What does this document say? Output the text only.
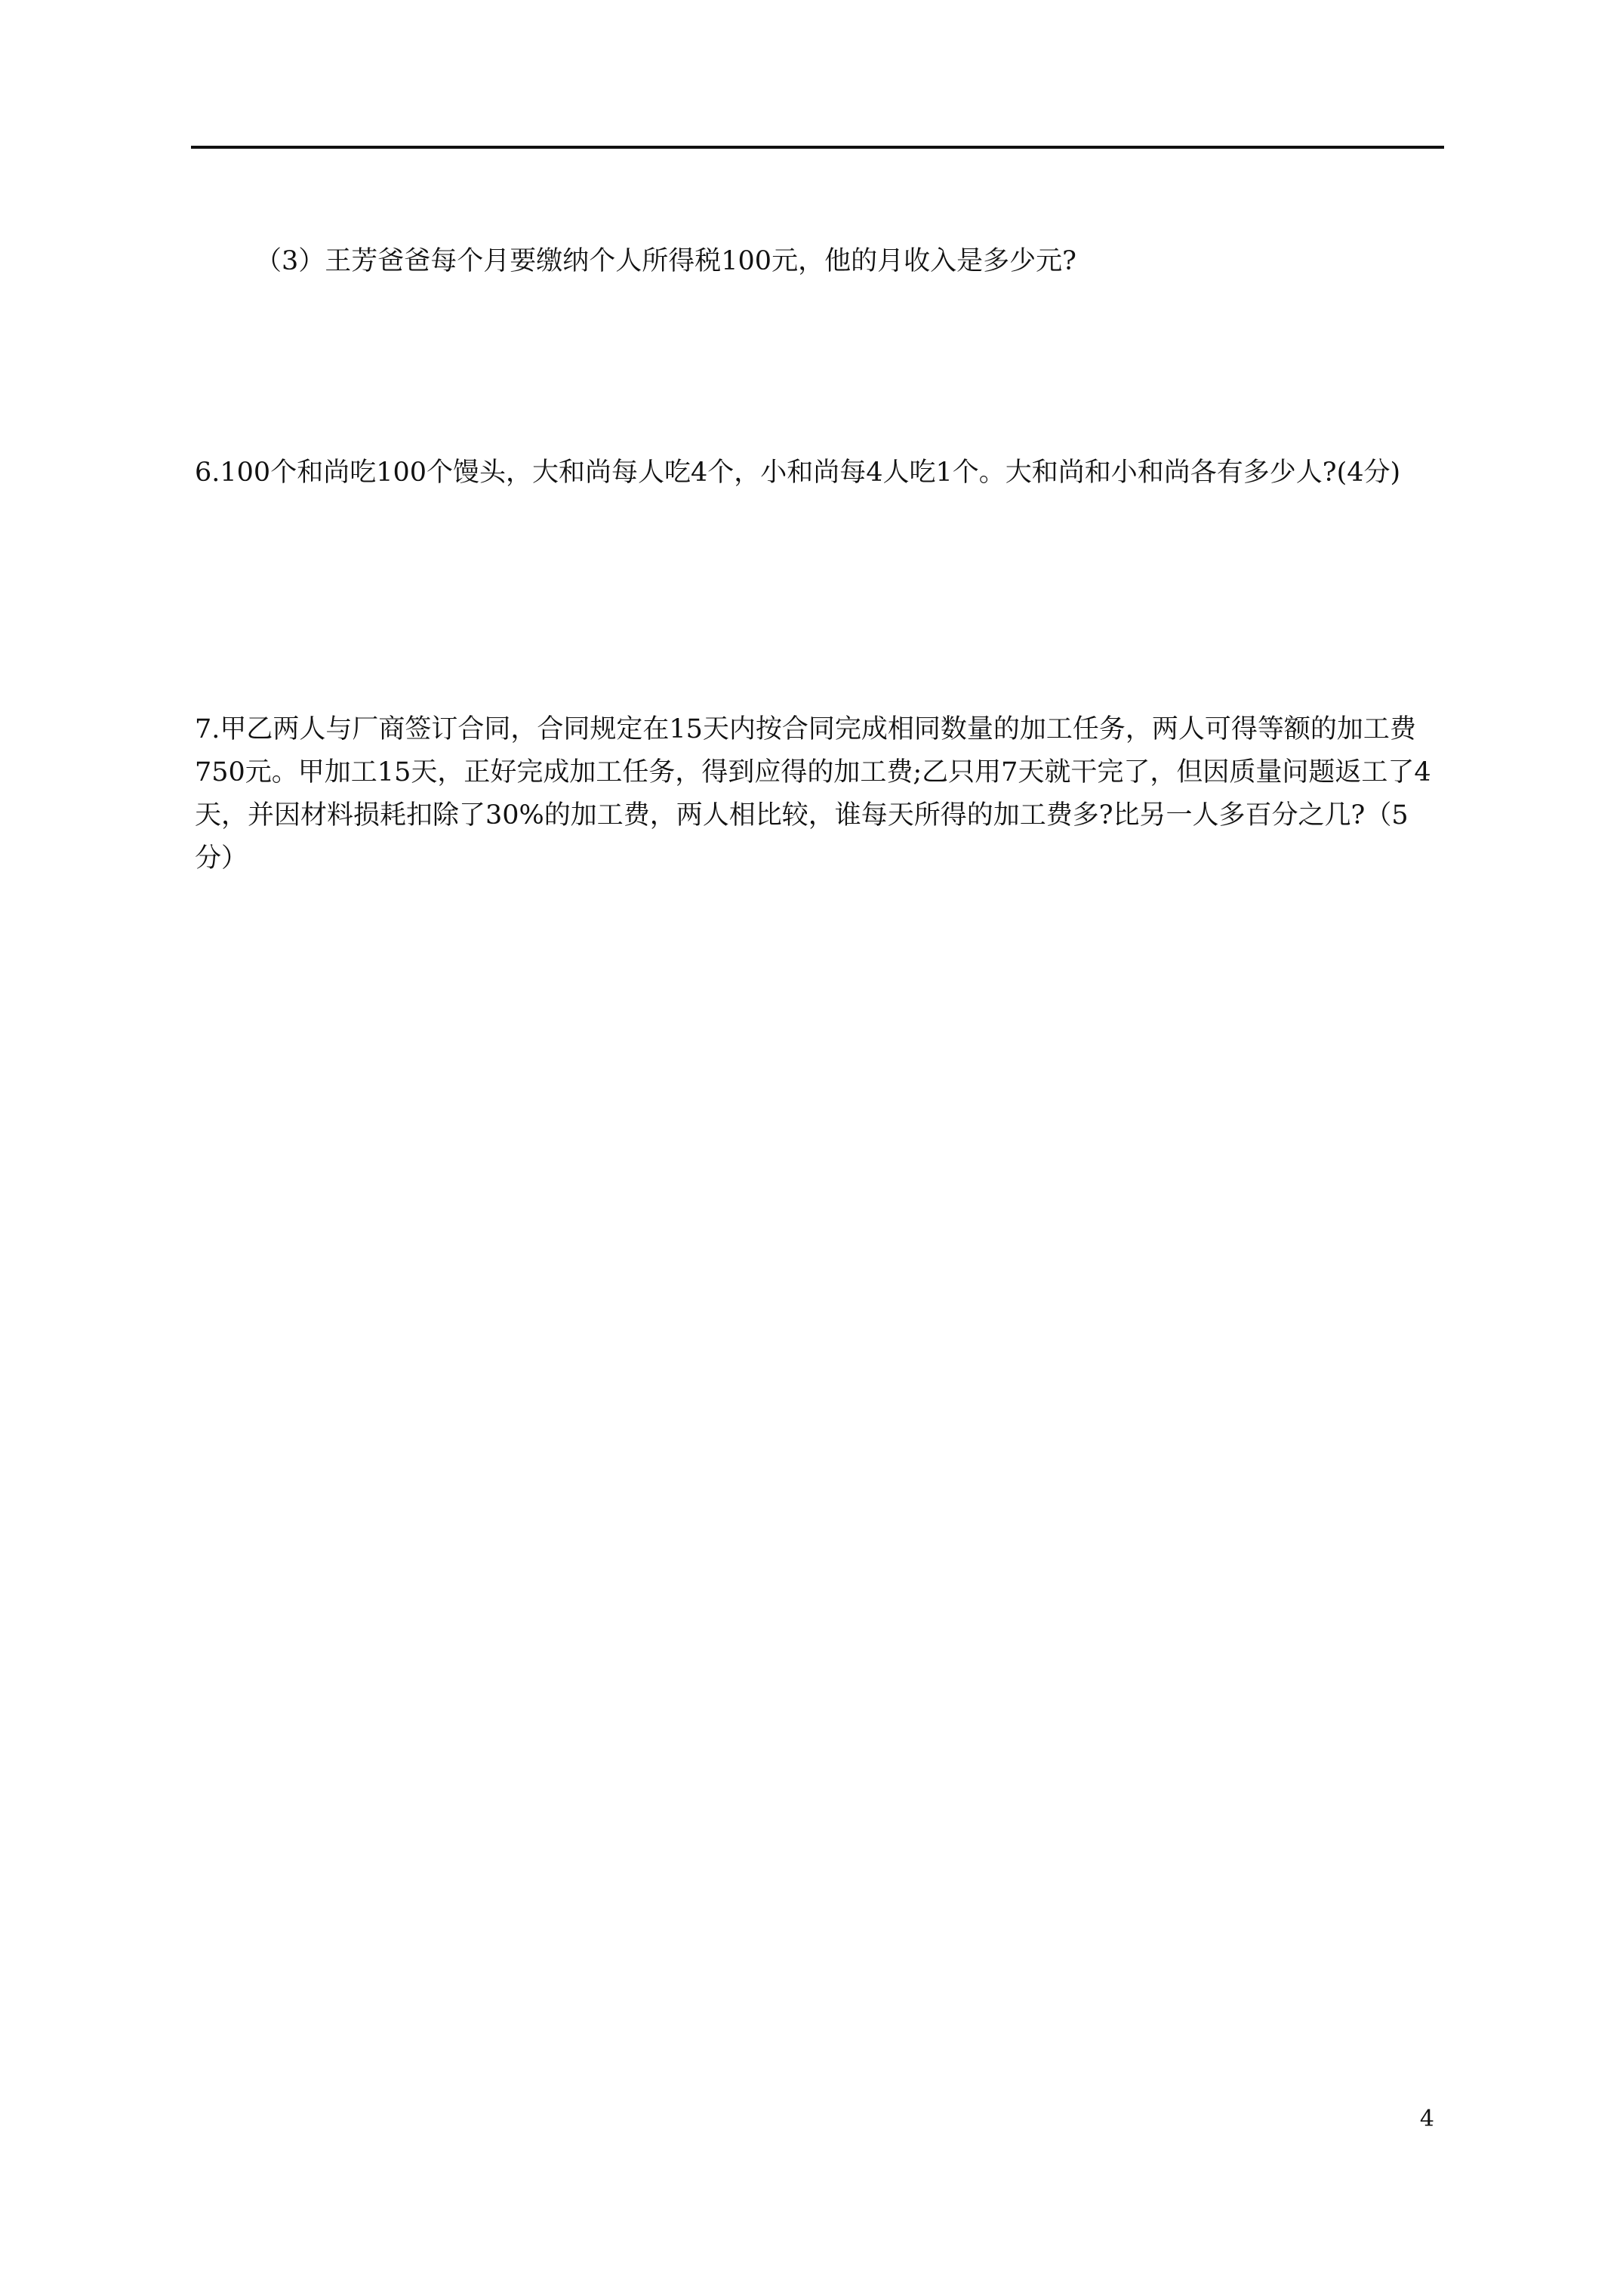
（3）王芳爸爸每个月要缴纳个人所得税100元，他的月收入是多少元?

6.100个和尚吃100个馒头，大和尚每人吃4个，小和尚每4人吃1个。大和尚和小和尚各有多少人?(4分)

7.甲乙两人与厂商签订合同，合同规定在15天内按合同完成相同数量的加工任务，两人可得等额的加工费750元。甲加工15天，正好完成加工任务，得到应得的加工费;乙只用7天就干完了，但因质量问题返工了4天，并因材料损耗扣除了30%的加工费，两人相比较，谁每天所得的加工费多?比另一人多百分之几?（5分）

4
